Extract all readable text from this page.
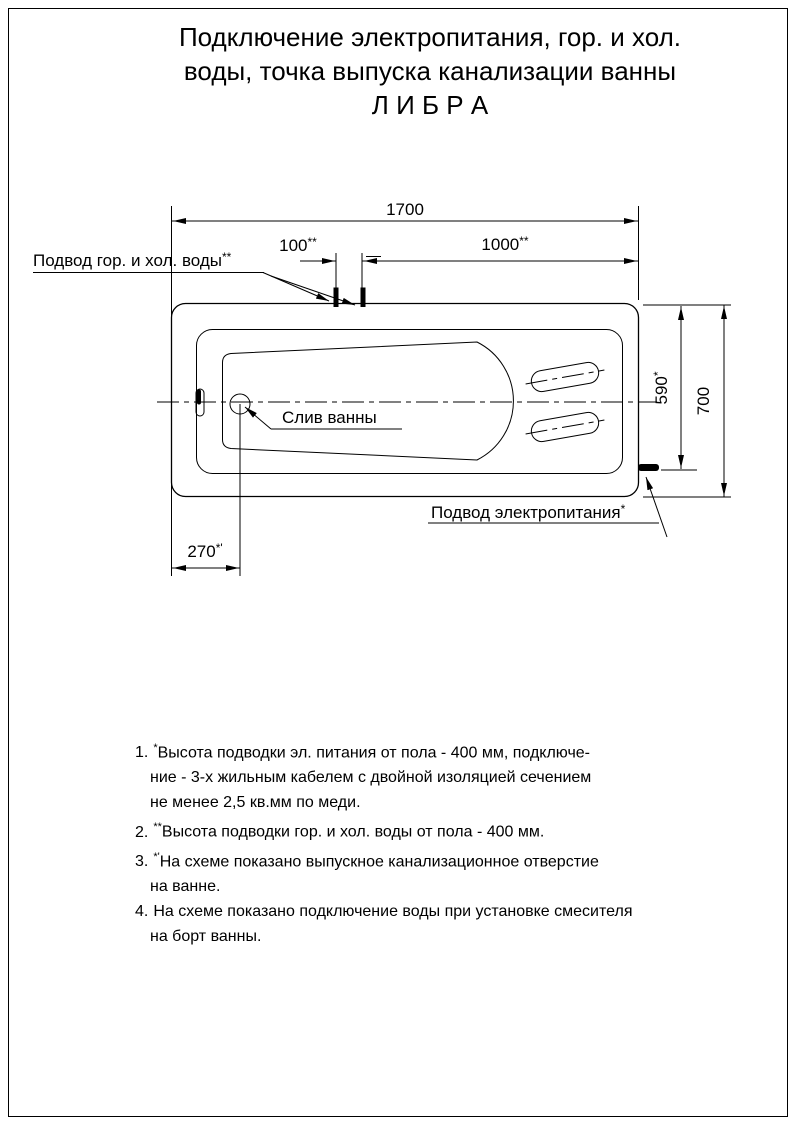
Подключение электропитания, гор. и хол.
воды, точка выпуска канализации ванны
Л И Б Р А
1700
100**	1000**
590*
700
270*'
Подвод гор. и хол. воды**
Слив ванны
Подвод электропитания*
1. *Высота подводки эл. питания от пола - 400 мм, подключе-
ние - 3-х жильным кабелем с двойной изоляцией сечением
не менее 2,5 кв.мм по меди.
2. **Высота подводки гор. и хол. воды от пола - 400 мм.
3. *'На схеме показано выпускное канализационное отверстие
на ванне.
4. На схеме показано подключение воды при установке смесителя
на борт ванны.
